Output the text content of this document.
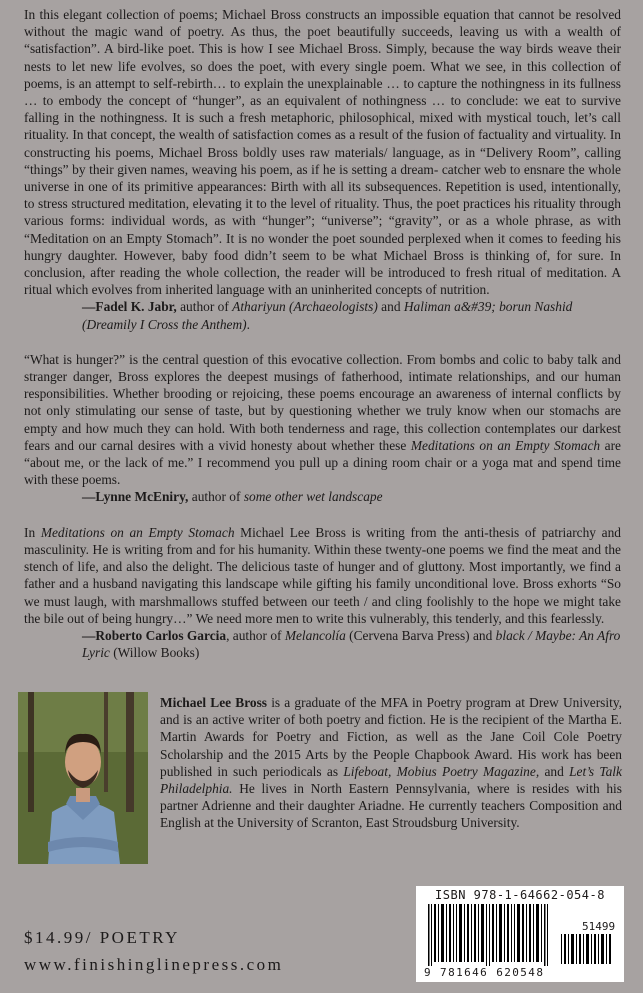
In this elegant collection of poems; Michael Bross constructs an impossible equation that cannot be resolved without the magic wand of poetry. As thus, the poet beautifully succeeds, leaving us with a wealth of “satisfaction”. A bird-like poet. This is how I see Michael Bross. Simply, because the way birds weave their nests to let new life evolves, so does the poet, with every single poem. What we see, in this collection of poems, is an attempt to self-rebirth… to explain the unexplainable … to capture the nothingness in its fullness … to embody the concept of “hunger”, as an equivalent of nothingness … to conclude: we eat to survive falling in the nothingness. It is such a fresh metaphoric, philosophical, mixed with mystical touch, let’s call rituality. In that concept, the wealth of satisfaction comes as a result of the fusion of factuality and virtuality. In constructing his poems, Michael Bross boldly uses raw materials/ language, as in “Delivery Room”, calling “things” by their given names, weaving his poem, as if he is setting a dream- catcher web to ensnare the whole universe in one of its primitive appearances: Birth with all its subsequences. Repetition is used, intentionally, to stress structured meditation, elevating it to the level of rituality. Thus, the poet practices his rituality through various forms: individual words, as with “hunger”; “universe”; “gravity”, or as a whole phrase, as with “Meditation on an Empty Stomach”. It is no wonder the poet sounded perplexed when it comes to feeding his hungry daughter. However, baby food didn’t seem to be what Michael Bross is thinking of, for sure. In conclusion, after reading the whole collection, the reader will be introduced to fresh ritual of meditation. A ritual which evolves from inherited language with an uninherited concepts of nutrition.

—Fadel K. Jabr, author of Athariyun (Archaeologists) and Haliman a&#39; borun Nashid (Dreamily I Cross the Anthem).

“What is hunger?” is the central question of this evocative collection. From bombs and colic to baby talk and stranger danger, Bross explores the deepest musings of fatherhood, intimate relationships, and our human responsibilities. Whether brooding or rejoicing, these poems encourage an awareness of internal conflicts by not only stimulating our sense of taste, but by questioning whether we truly know when our stomachs are empty and how much they can hold. With both tenderness and rage, this collection contemplates our darkest fears and our carnal desires with a vivid honesty about whether these Meditations on an Empty Stomach are “about me, or the lack of me.” I recommend you pull up a dining room chair or a yoga mat and spend time with these poems.

—Lynne McEniry, author of some other wet landscape

In Meditations on an Empty Stomach Michael Lee Bross is writing from the anti-thesis of patriarchy and masculinity. He is writing from and for his humanity. Within these twenty-one poems we find the meat and the stench of life, and also the delight. The delicious taste of hunger and of gluttony. Most importantly, we find a father and a husband navigating this landscape while gifting his family unconditional love. Bross exhorts “So we must laugh, with marshmallows stuffed between our teeth / and cling foolishly to the hope we might take the bile out of being hungry…” We need more men to write this vulnerably, this tenderly, and this fearlessly.

—Roberto Carlos Garcia, author of Melancolía (Cervena Barva Press) and black / Maybe: An Afro Lyric (Willow Books)

Michael Lee Bross is a graduate of the MFA in Poetry program at Drew University, and is an active writer of both poetry and fiction. He is the recipient of the Martha E. Martin Awards for Poetry and Fiction, as well as the Jane Coil Cole Poetry Scholarship and the 2015 Arts by the People Chapbook Award. His work has been published in such periodicals as Lifeboat, Mobius Poetry Magazine, and Let’s Talk Philadelphia. He lives in North Eastern Pennsylvania, where is resides with his partner Adrienne and their daughter Ariadne. He currently teachers Composition and English at the University of Scranton, East Stroudsburg University.
ISBN 978-1-64662-054-8
51499
9 781646 620548
$14.99/ POETRY
www.finishinglinepress.com
